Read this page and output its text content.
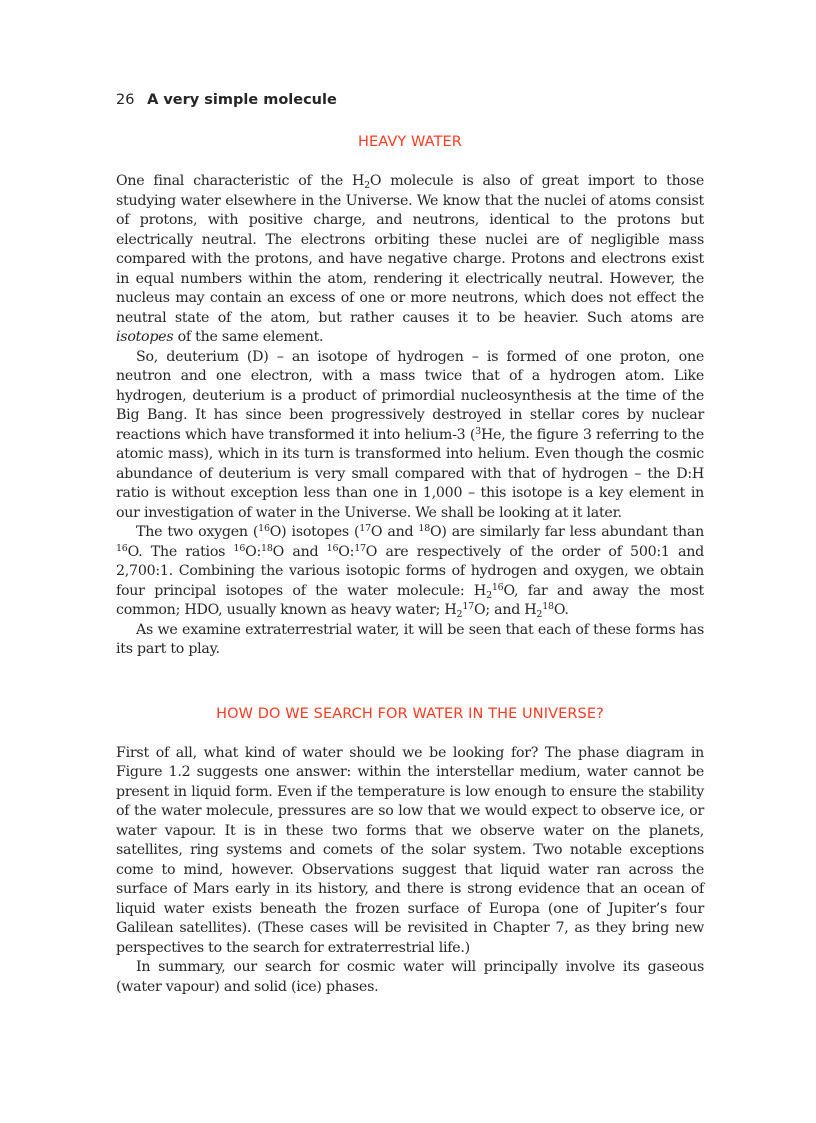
26 A very simple molecule
HEAVY WATER

One final characteristic of the $H_2O$ molecule is also of great import to those studying water elsewhere in the Universe. We know that the nuclei of atoms consist of protons, with positive charge, and neutrons, identical to the protons but electrically neutral. The electrons orbiting these nuclei are of negligible mass compared with the protons, and have negative charge. Protons and electrons exist in equal numbers within the atom, rendering it electrically neutral. However, the nucleus may contain an excess of one or more neutrons, which does not effect the neutral state of the atom, but rather causes it to be heavier. Such atoms are isotopes of the same element.

So, deuterium (D) – an isotope of hydrogen – is formed of one proton, one neutron and one electron, with a mass twice that of a hydrogen atom. Like hydrogen, deuterium is a product of primordial nucleosynthesis at the time of the Big Bang. It has since been progressively destroyed in stellar cores by nuclear reactions which have transformed it into helium-3 ($^3$He, the figure 3 referring to the atomic mass), which in its turn is transformed into helium. Even though the cosmic abundance of deuterium is very small compared with that of hydrogen – the D:H ratio is without exception less than one in 1,000 – this isotope is a key element in our investigation of water in the Universe. We shall be looking at it later.

The two oxygen ($^{16}$O) isotopes ($^{17}$O and $^{18}$O) are similarly far less abundant than $^{16}$O. The ratios $^{16}$O:$^{18}$O and $^{16}$O:$^{17}$O are respectively of the order of 500:1 and 2,700:1. Combining the various isotopic forms of hydrogen and oxygen, we obtain four principal isotopes of the water molecule: $H_2^{16}O$, far and away the most common; HDO, usually known as heavy water; $H_2^{17}O$; and $H_2^{18}O$.

As we examine extraterrestrial water, it will be seen that each of these forms has its part to play.

HOW DO WE SEARCH FOR WATER IN THE UNIVERSE?

First of all, what kind of water should we be looking for? The phase diagram in Figure 1.2 suggests one answer: within the interstellar medium, water cannot be present in liquid form. Even if the temperature is low enough to ensure the stability of the water molecule, pressures are so low that we would expect to observe ice, or water vapour. It is in these two forms that we observe water on the planets, satellites, ring systems and comets of the solar system. Two notable exceptions come to mind, however. Observations suggest that liquid water ran across the surface of Mars early in its history, and there is strong evidence that an ocean of liquid water exists beneath the frozen surface of Europa (one of Jupiter’s four Galilean satellites). (These cases will be revisited in Chapter 7, as they bring new perspectives to the search for extraterrestrial life.)

In summary, our search for cosmic water will principally involve its gaseous (water vapour) and solid (ice) phases.
